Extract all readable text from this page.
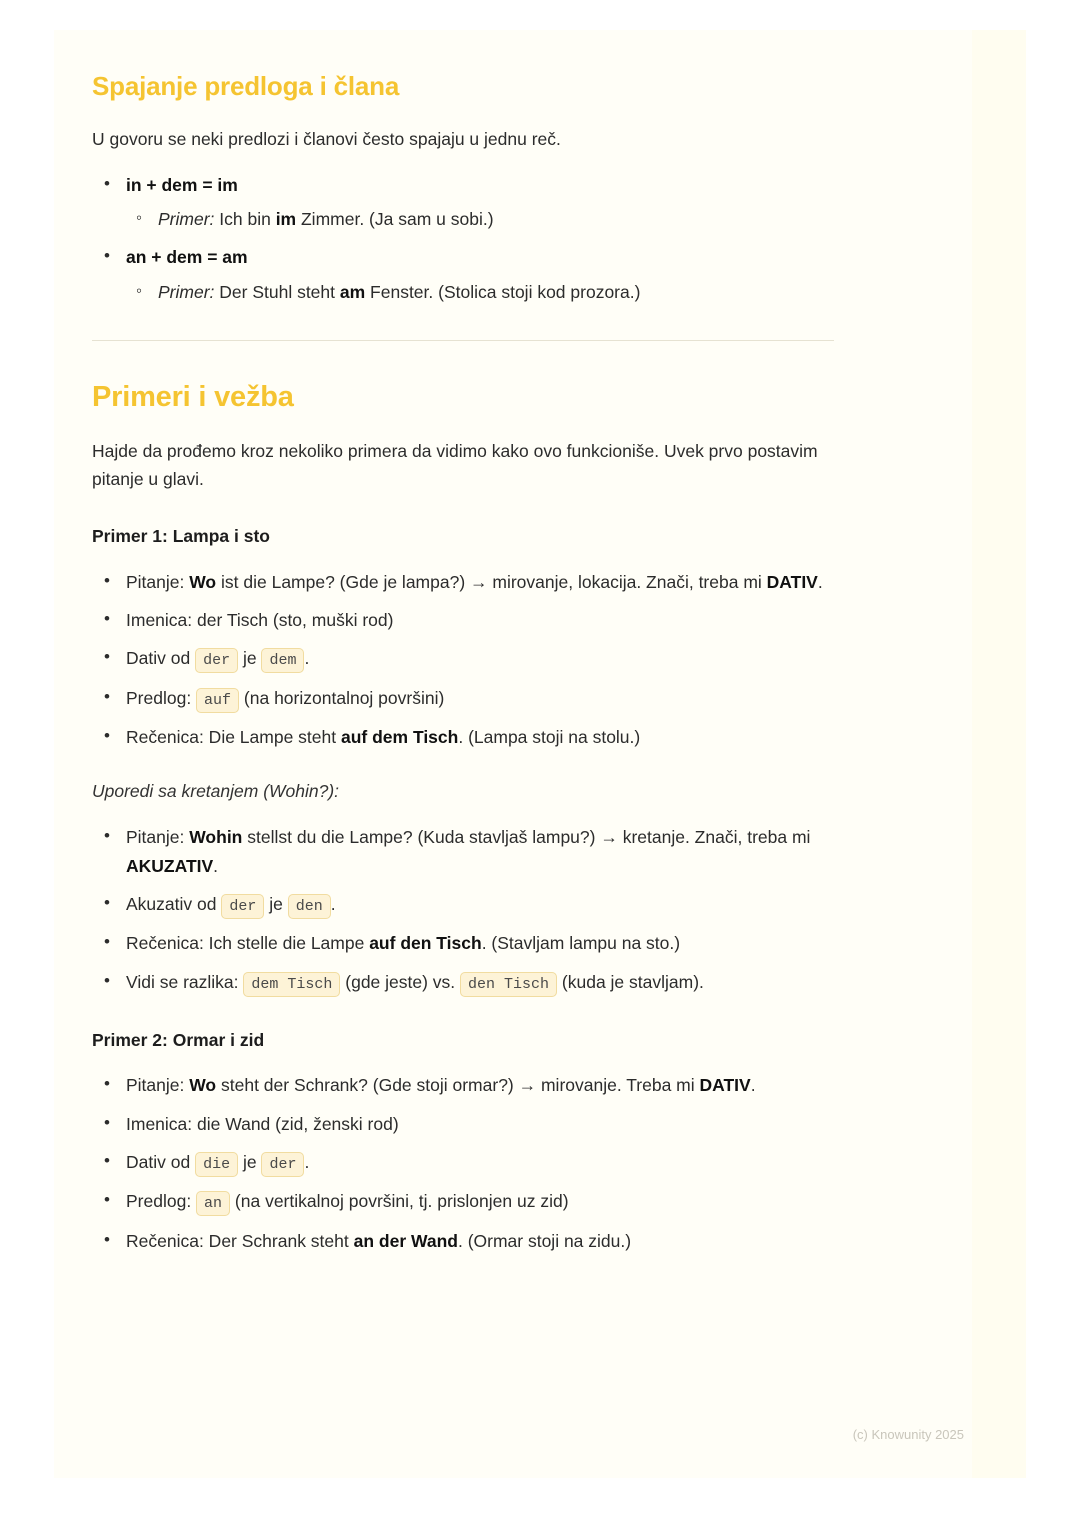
Spajanje predloga i člana

U govoru se neki predlozi i članovi često spajaju u jednu reč.

• in + dem = im
◦ Primer: Ich bin im Zimmer. (Ja sam u sobi.)
• an + dem = am
◦ Primer: Der Stuhl steht am Fenster. (Stolica stoji kod prozora.)
Primeri i vežba

Hajde da prođemo kroz nekoliko primera da vidimo kako ovo funkcioniše. Uvek prvo postavim pitanje u glavi.

Primer 1: Lampa i sto
• Pitanje: Wo ist die Lampe? (Gde je lampa?) → mirovanje, lokacija. Znači, treba mi DATIV.
• Imenica: der Tisch (sto, muški rod)
• Dativ od der je dem .
• Predlog: auf (na horizontalnoj površini)
• Rečenica: Die Lampe steht auf dem Tisch. (Lampa stoji na stolu.)

Uporedi sa kretanjem (Wohin?):

• Pitanje: Wohin stellst du die Lampe? (Kuda stavljaš lampu?) → kretanje. Znači, treba mi AKUZATIV.
• Akuzativ od der je den .
• Rečenica: Ich stelle die Lampe auf den Tisch. (Stavljam lampu na sto.)
• Vidi se razlika: dem Tisch (gde jeste) vs. den Tisch (kuda je stavljam).
Primer 2: Ormar i zid
• Pitanje: Wo steht der Schrank? (Gde stoji ormar?) → mirovanje. Treba mi DATIV.
• Imenica: die Wand (zid, ženski rod)
• Dativ od die je der .
• Predlog: an (na vertikalnoj površini, tj. prislonjen uz zid)
• Rečenica: Der Schrank steht an der Wand. (Ormar stoji na zidu.)
(c) Knowunity 2025
